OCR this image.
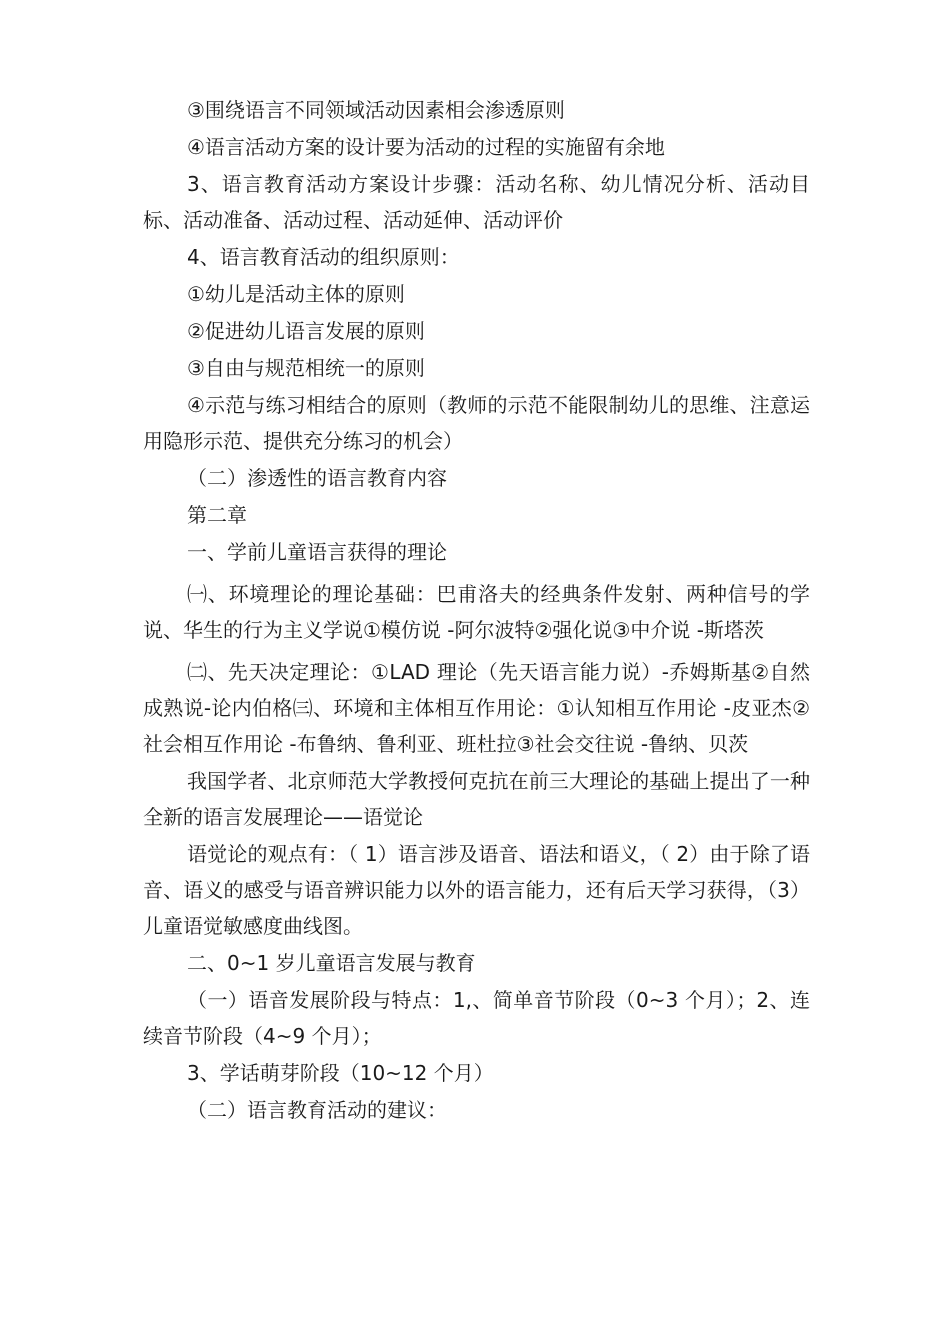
③围绕语言不同领域活动因素相会渗透原则

④语言活动方案的设计要为活动的过程的实施留有余地

3、语言教育活动方案设计步骤：活动名称、幼儿情况分析、活动目标、活动准备、活动过程、活动延伸、活动评价

4、语言教育活动的组织原则：

①幼儿是活动主体的原则

②促进幼儿语言发展的原则

③自由与规范相统一的原则

④示范与练习相结合的原则（教师的示范不能限制幼儿的思维、注意运用隐形示范、提供充分练习的机会）

（二）渗透性的语言教育内容

第二章

一、学前儿童语言获得的理论

㈠、环境理论的理论基础：巴甫洛夫的经典条件发射、两种信号的学说、华生的行为主义学说①模仿说 -阿尔波特②强化说③中介说 -斯塔茨

㈡、先天决定理论：①LAD 理论（先天语言能力说）-乔姆斯基②自然成熟说-论内伯格㈢、环境和主体相互作用论：①认知相互作用论 -皮亚杰②社会相互作用论 -布鲁纳、鲁利亚、班杜拉③社会交往说 -鲁纳、贝茨

我国学者、北京师范大学教授何克抗在前三大理论的基础上提出了一种全新的语言发展理论——语觉论

语觉论的观点有：（ 1）语言涉及语音、语法和语义，（ 2）由于除了语音、语义的感受与语音辨识能力以外的语言能力，还有后天学习获得，（3）儿童语觉敏感度曲线图。

二、0~1 岁儿童语言发展与教育

（一）语音发展阶段与特点：1,、简单音节阶段（0~3 个月）；2、连续音节阶段（4~9 个月）；

3、学话萌芽阶段（10~12 个月）

（二）语言教育活动的建议：
